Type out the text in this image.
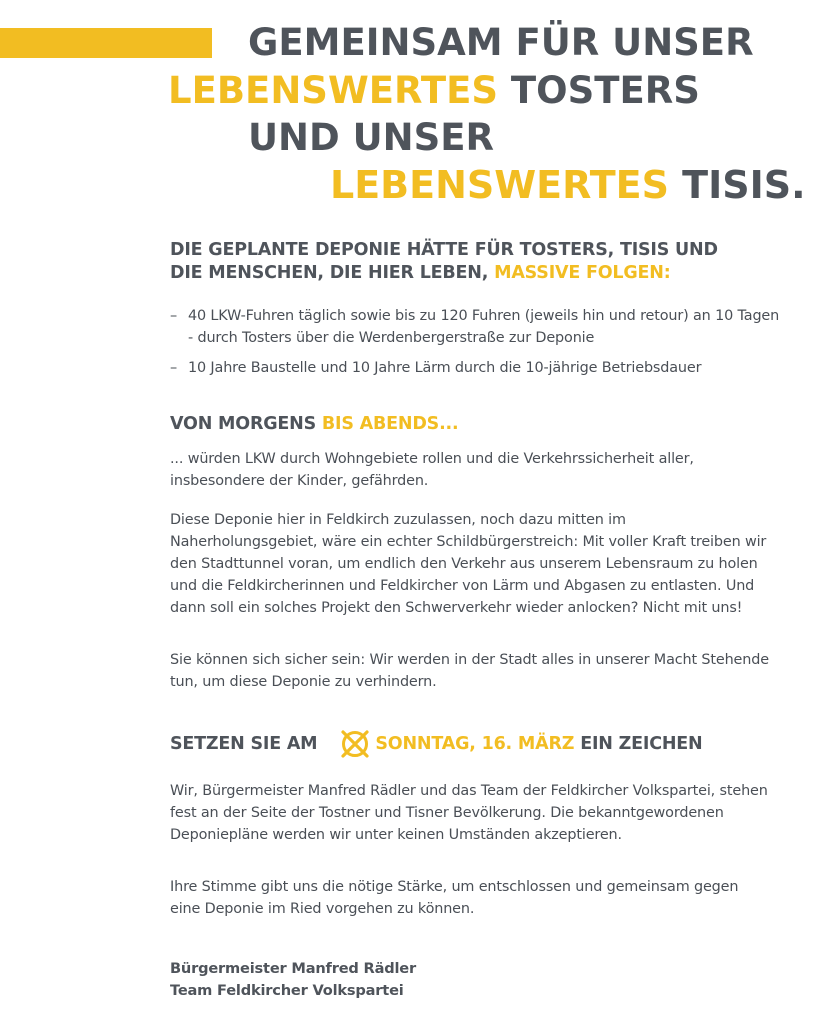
GEMEINSAM FÜR UNSER
LEBENSWERTES TOSTERS
UND UNSER
LEBENSWERTES TISIS.
DIE GEPLANTE DEPONIE HÄTTE FÜR TOSTERS, TISIS UND
DIE MENSCHEN, DIE HIER LEBEN, MASSIVE FOLGEN:
– 40 LKW-Fuhren täglich sowie bis zu 120 Fuhren (jeweils hin und retour) an 10 Tagen - durch Tosters über die Werdenbergerstraße zur Deponie
– 10 Jahre Baustelle und 10 Jahre Lärm durch die 10-jährige Betriebsdauer
VON MORGENS BIS ABENDS...

... würden LKW durch Wohngebiete rollen und die Verkehrssicherheit aller, insbesondere der Kinder, gefährden.

Diese Deponie hier in Feldkirch zuzulassen, noch dazu mitten im Naherholungsgebiet, wäre ein echter Schildbürgerstreich: Mit voller Kraft treiben wir den Stadttunnel voran, um endlich den Verkehr aus unserem Lebensraum zu holen und die Feldkircherinnen und Feldkircher von Lärm und Abgasen zu entlasten. Und dann soll ein solches Projekt den Schwerverkehr wieder anlocken? Nicht mit uns!

Sie können sich sicher sein: Wir werden in der Stadt alles in unserer Macht Stehende tun, um diese Deponie zu verhindern.

SETZEN SIE AM	SONNTAG, 16. MÄRZ EIN ZEICHEN

Wir, Bürgermeister Manfred Rädler und das Team der Feldkircher Volkspartei, stehen fest an der Seite der Tostner und Tisner Bevölkerung. Die bekanntgewordenen Deponiepläne werden wir unter keinen Umständen akzeptieren.

Ihre Stimme gibt uns die nötige Stärke, um entschlossen und gemeinsam gegen eine Deponie im Ried vorgehen zu können.

Bürgermeister Manfred Rädler
Team Feldkircher Volkspartei
